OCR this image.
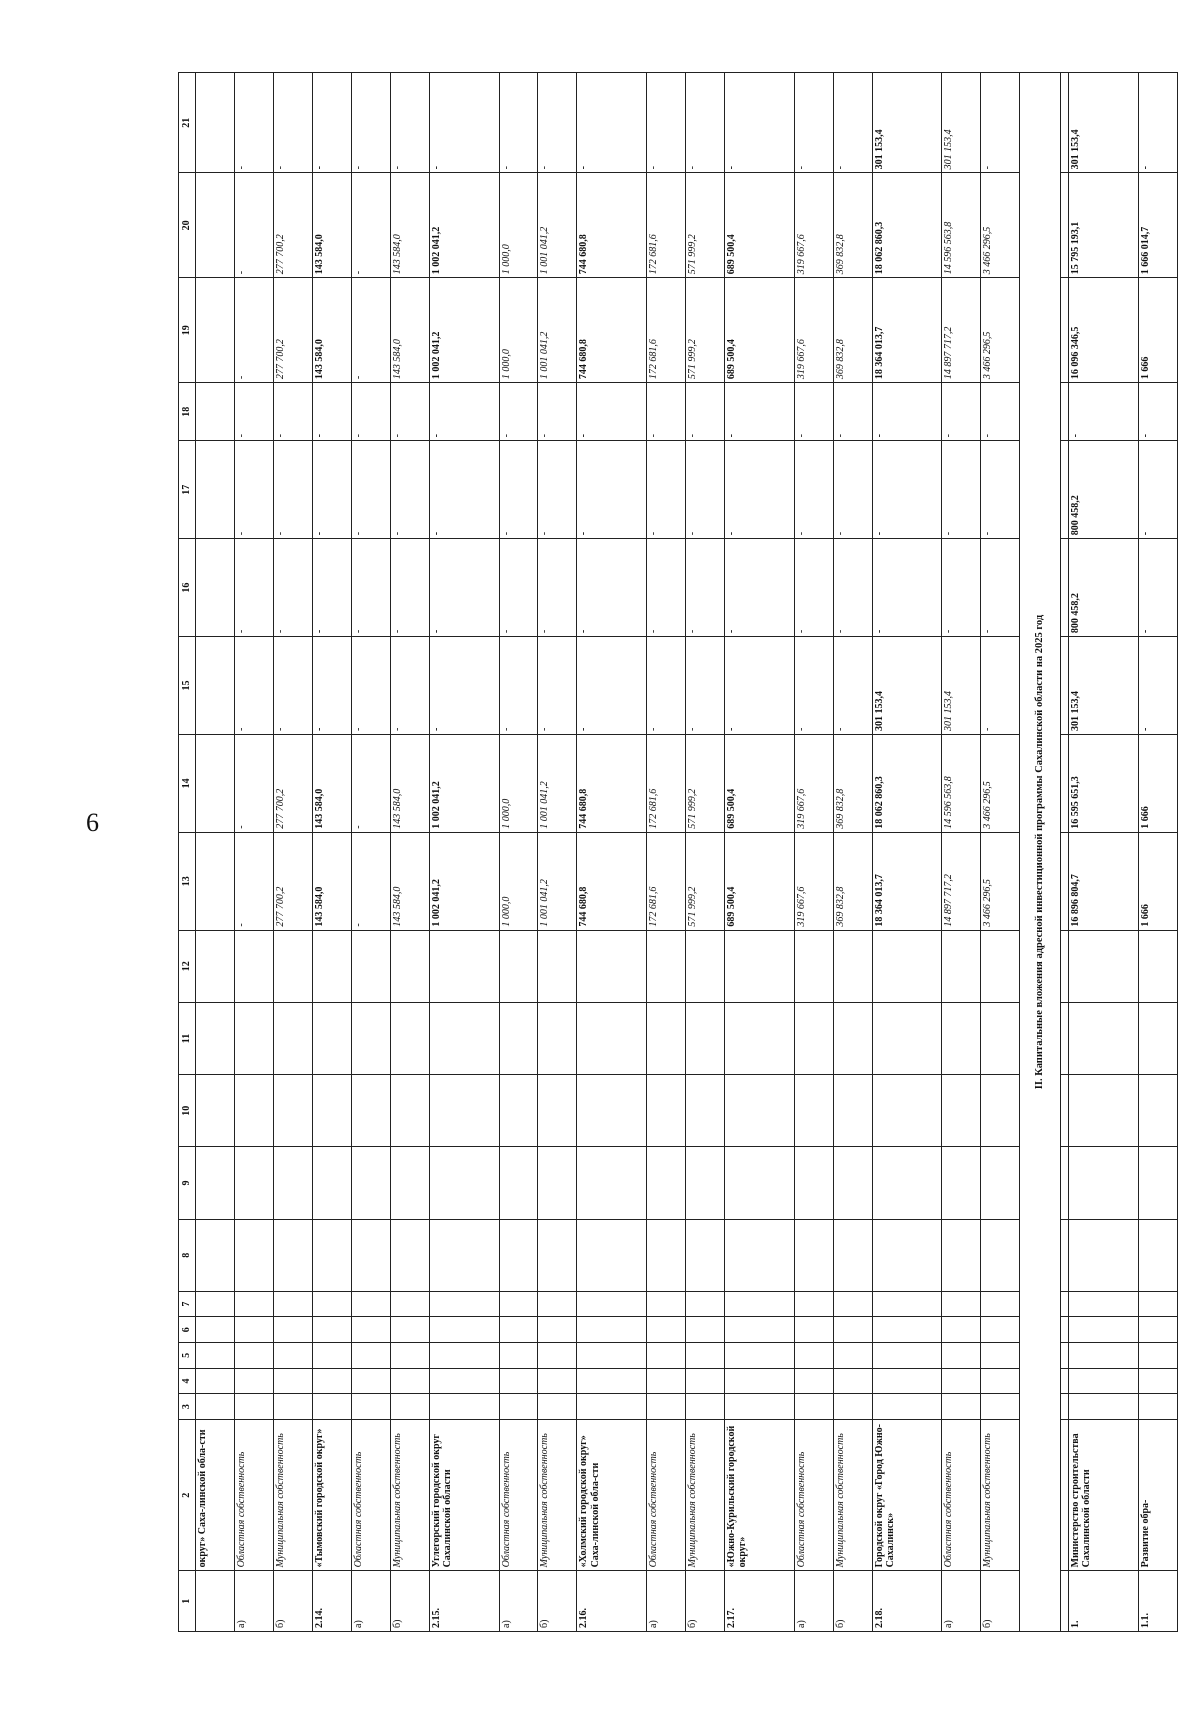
6
1	2	3	4	5	6	7	8	9	10	11	12	13	14	15	16	17	18	19	20	21
	округ» Саха-линской обла-сти																			
а)	Областная собственность											-	-	-	-	-	-	-	-	-
б)	Муниципальная собственность											277 700,2	277 700,2	-	-	-	-	277 700,2	277 700,2	-
2.14.	«Тымовский городской округ»											143 584,0	143 584,0	-	-	-	-	143 584,0	143 584,0	-
а)	Областная собственность											-	-	-	-	-	-	-	-	-
б)	Муниципальная собственность											143 584,0	143 584,0	-	-	-	-	143 584,0	143 584,0	-
2.15.	Углегорский городской округ Сахалинской области											1 002 041,2	1 002 041,2	-	-	-	-	1 002 041,2	1 002 041,2	-
а)	Областная собственность											1 000,0	1 000,0	-	-	-	-	1 000,0	1 000,0	-
б)	Муниципальная собственность											1 001 041,2	1 001 041,2	-	-	-	-	1 001 041,2	1 001 041,2	-
2.16.	«Холмский городской округ» Саха-линской обла-сти											744 680,8	744 680,8	-	-	-	-	744 680,8	744 680,8	-
а)	Областная собственность											172 681,6	172 681,6	-	-	-	-	172 681,6	172 681,6	-
б)	Муниципальная собственность											571 999,2	571 999,2	-	-	-	-	571 999,2	571 999,2	-
2.17.	«Южно-Курильский городской округ»											689 500,4	689 500,4	-	-	-	-	689 500,4	689 500,4	-
а)	Областная собственность											319 667,6	319 667,6	-	-	-	-	319 667,6	319 667,6	-
б)	Муниципальная собственность											369 832,8	369 832,8	-	-	-	-	369 832,8	369 832,8	-
2.18.	Городской округ «Город Южно-Сахалинск»											18 364 013,7	18 062 860,3	301 153,4	-	-	-	18 364 013,7	18 062 860,3	301 153,4
а)	Областная собственность											14 897 717,2	14 596 563,8	301 153,4	-	-	-	14 897 717,2	14 596 563,8	301 153,4
б)	Муниципальная собственность											3 466 296,5	3 466 296,5	-	-	-	-	3 466 296,5	3 466 296,5	-
II. Капитальные вложения адресной инвестиционной программы Сахалинской области на 2025 год																				

1.	Министерство строительства Сахалинской области											16 896 804,7	16 595 651,3	301 153,4	800 458,2	800 458,2	-	16 096 346,5	15 795 193,1	301 153,4
1.1.	Развитие обра-											1 666	1 666	-	-	-	-	1 666	1 666 014,7	-
